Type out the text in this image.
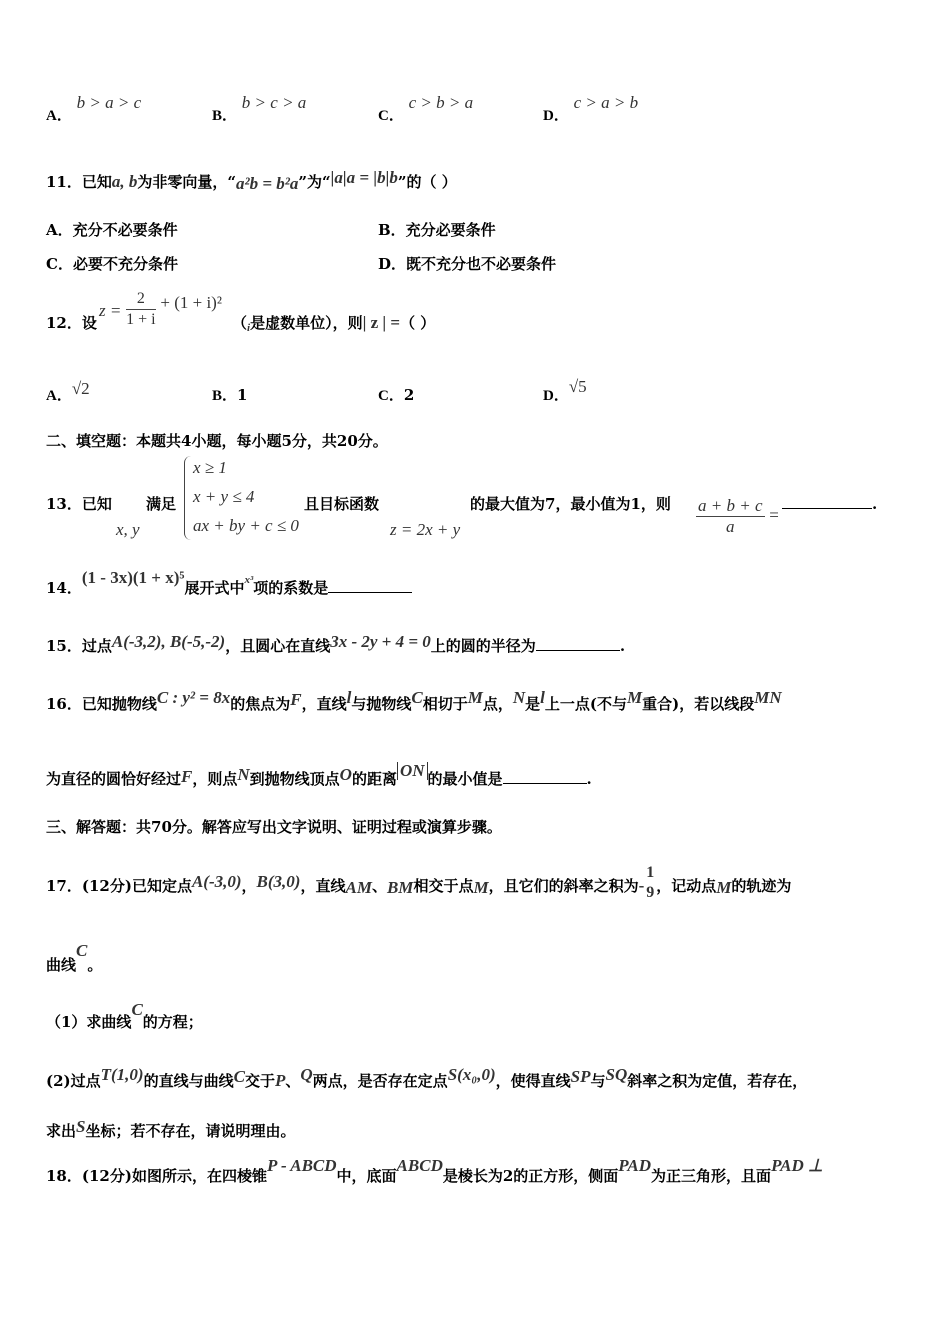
A． b > a > c
B． b > c > a
C． c > b > a
D． c > a > b
11．已知a, b为非零向量，“a²b = b²a”为“|a|a = |b|b”的（ ）
A．充分不必要条件	B．充分必要条件
C．必要不充分条件	D．既不充分也不必要条件
12．设
$z = \frac{2}{1 + i} + (1 + i)^2$
（$_i$是虚数单位），则| z | =（ ）
A．√2	B．1	C．2	D．√5
二、填空题：本题共4小题，每小题5分，共20分。
13．已知
x, y
满足
x ≥ 1
x + y ≤ 4
ax + by + c ≤ 0
且目标函数
z = 2x + y
的最大值为7，最小值为1，则 $\frac{a + b + c}{a}$ =
.
14．(1 - 3x)(1 + x)⁵展开式中$^{x^3}$项的系数是
15．过点A(-3,2), B(-5,-2)，且圆心在直线3x - 2y + 4 = 0上的圆的半径为	.
16．已知抛物线C : y² = 8x的焦点为F，直线l与抛物线C相切于M点，N是l上一点(不与M重合)，若以线段MN
为直径的圆恰好经过F，则点N到抛物线顶点O的距离 ON 的最小值是	.
三、解答题：共70分。解答应写出文字说明、证明过程或演算步骤。
17．(12分)已知定点A(-3,0)，B(3,0)，直线AM、BM相交于点M，且它们的斜率之积为-
1
9 ，记动点M的轨迹为
曲线C。
（1）求曲线C的方程；
(2)过点T(1,0)的直线与曲线C交于P、Q两点，是否存在定点S(x₀,0)，使得直线SP与SQ斜率之积为定值，若存在，
求出S坐标；若不存在，请说明理由。
18．(12分)如图所示，在四棱锥P - ABCD中，底面ABCD是棱长为2的正方形，侧面PAD为正三角形，且面PAD ⊥
